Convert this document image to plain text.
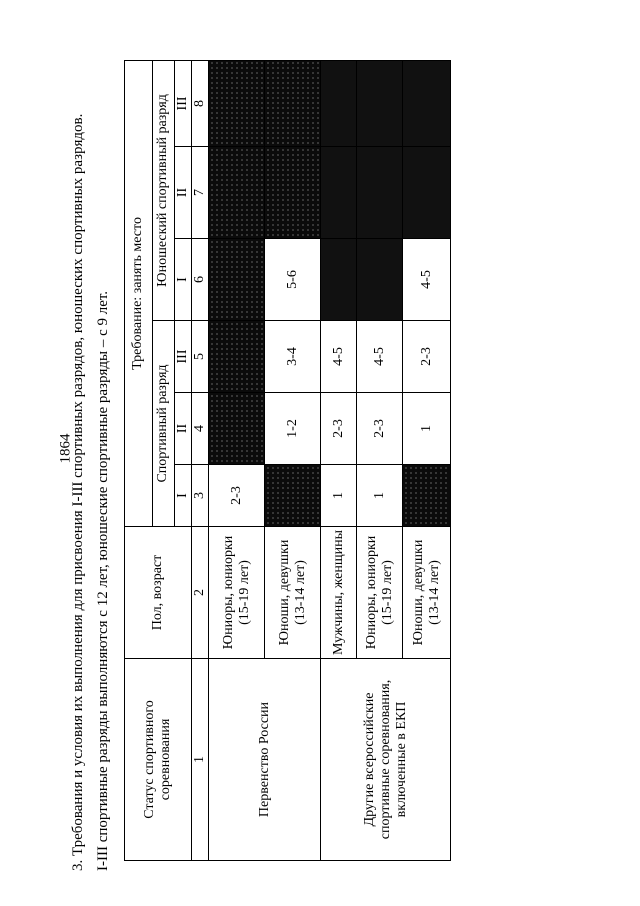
1864
3. Требования и условия их выполнения для присвоения I-III спортивных разрядов, юношеских спортивных разрядов. I-III спортивные разряды выполняются с 12 лет, юношеские спортивные разряды – с 9 лет. Статус спортивного соревнования	Пол, возраст	Требование: занять место					
		Спортивный разряд			Юношеский спортивный разряд		
		I	II	III	I	II	III
1	2	3	4	5	6	7	8
Первенство России	Юниоры, юниорки (15-19 лет)	2-3					
	Юноши, девушки (13-14 лет)		1-2	3-4	5-6		
Другие всероссийские спортивные соревнования, включенные в ЕКП	Мужчины, женщины	1	2-3	4-5			
	Юниоры, юниорки (15-19 лет)	1	2-3	4-5			
	Юноши, девушки (13-14 лет)		1	2-3	4-5		
